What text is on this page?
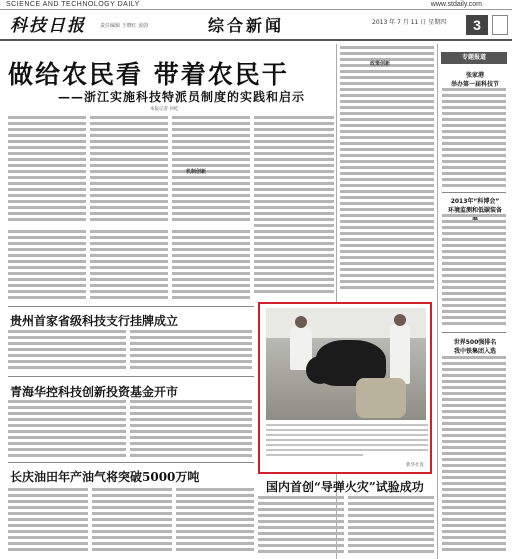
SCIENCE AND TECHNOLOGY DAILY	www.stdaily.com
科技日报	责任编辑 王晓红 姜蔚	综合新闻	2013 年 7 月 11 日 星期四	3
做给农民看 带着农民干
——浙江实施科技特派员制度的实践和启示
本报记者 何屹
机制创新
贵州首家省级科技支行挂牌成立
青海华控科技创新投资基金开市
长庆油田年产油气将突破5000万吨
政策创新
新华社发
国内首创“导弹火灾”试验成功
专题报道
张家港
举办第一届科技节
2013年“科博会”
环境监测和低碳装备
世界500强排名
我中铁集团入选
